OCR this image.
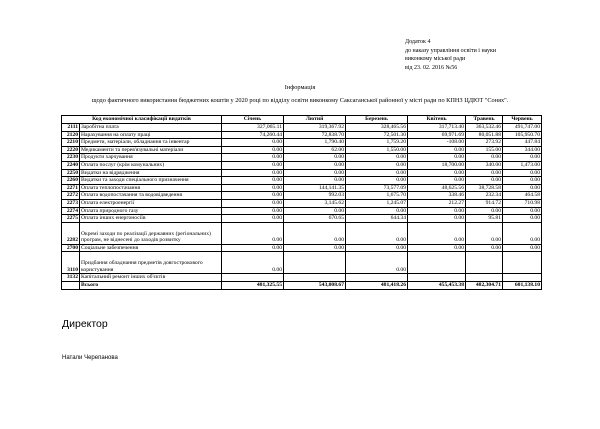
Додаток 4
до наказу управління освіти і науки
виконкому міської ради
від 23. 02. 2016 №56
Інформація
щодо фактичного використання бюджетних коштів у 2020 році по відділу освіти виконкому Саксаганської районної у місті ради по КПНЗ ЦДЮТ "Сонях".
Код економічної класифікації видатків		Січень	Лютий	Березень	Квітень	Травень	Червень
2111	Заробітна плата	327,065.11	319,367.92	328,465.56	317,713.40	363,532.46	491,747.00
2120	Нарахування на оплату праці	74,260.44	72,838.70	72,501.30	69,971.69	80,051.88	105,950.70
2210	Предмети, матеріали, обладнання та інвентар	0.00	1,790.40	1,759.20	-108.00	273.92	447.84
2220	Медикаменти та перев'язувальні матеріали	0.00	62.00	1,550.00	0.00	155.00	344.00
2230	Продукти харчування	0.00	0.00	0.00	0.00	0.00	0.00
2240	Оплата послуг (крім комунальних)	0.00	0.00	0.00	18,700.00	340.00	1,473.00
2250	Видатки на відрядження	0.00	0.00	0.00	0.00	0.00	0.00
2260	Видатки та заходи спеціального призначення	0.00	0.00	0.00	0.00	0.00	0.00
2271	Оплата теплопостачання	0.00	144,141.35	73,577.09	48,625.56	38,728.58	0.00
2272	Оплата водопостачання та водовідведення	0.00	992.03	1,675.70	338.46	232.34	464.58
2273	Оплата електроенергії	0.00	3,145.62	1,245.07	212.27	914.72	710.98
2274	Оплата природного газу	0.00	0.00	0.00	0.00	0.00	0.00
2275	Оплата інших енергоносіїв	0.00	670.65	644.34	0.00	95.81	0.00
2282	Окремі заходи по реалізації державних (регіональних) програм, не віднесені до заходів розвитку	0.00	0.00	0.00	0.00	0.00	0.00
2700	Соціальне забезпечення	0.00	0.00	0.00	0.00	0.00	0.00
3110	Придбання обладнання предметів довгострокового користування	0.00		0.00			
3132	Капітальний ремонт інших об'єктів						
	Всього	401,325.55	543,008.67	481,418.26	455,453.38	482,304.71	601,138.10
Директор
Натали Черепанова
